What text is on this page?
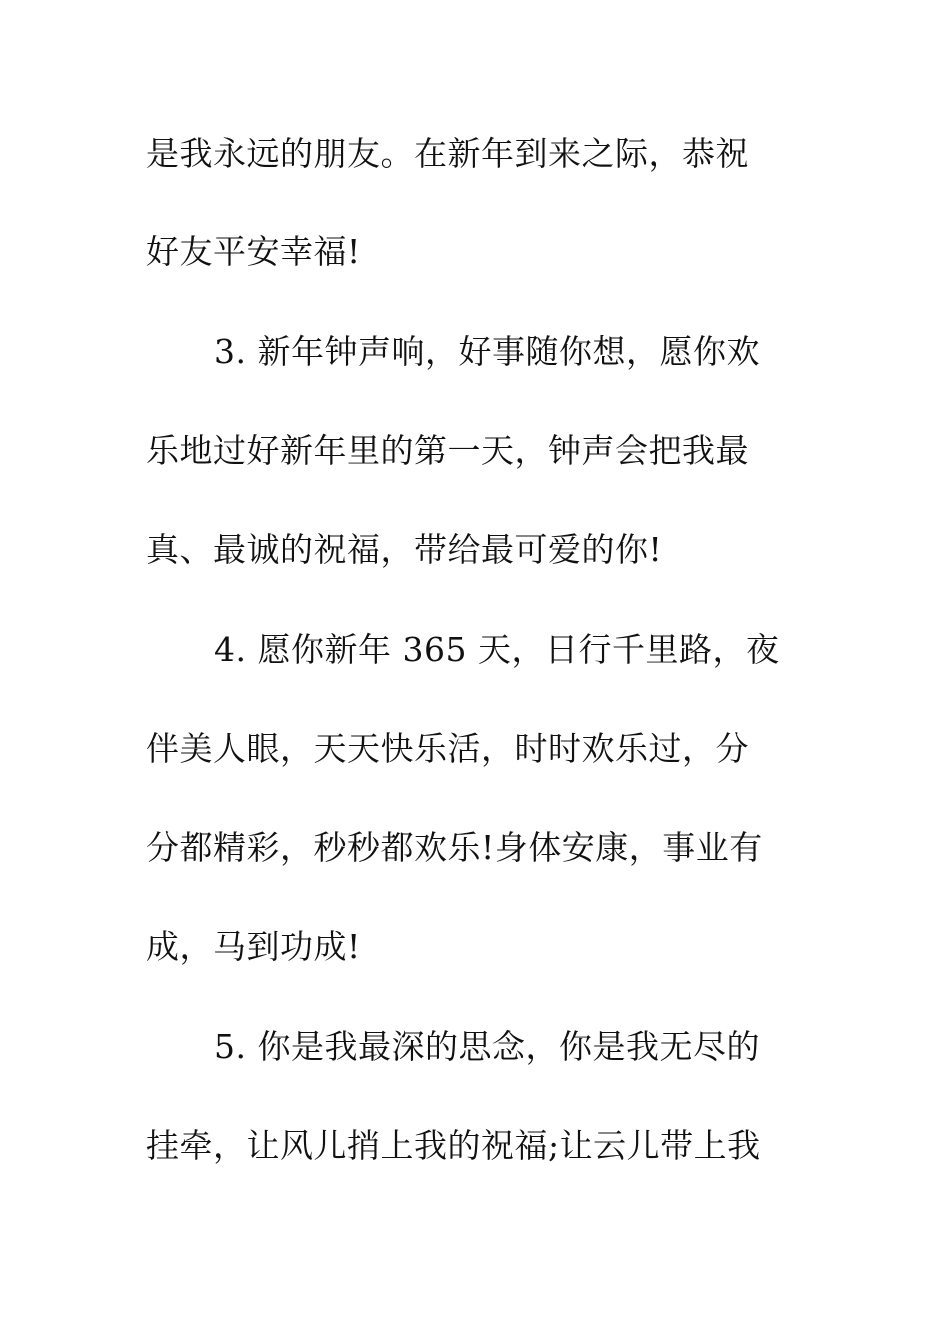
是我永远的朋友。在新年到来之际，恭祝
好友平安幸福!
3. 新年钟声响，好事随你想，愿你欢
乐地过好新年里的第一天，钟声会把我最
真、最诚的祝福，带给最可爱的你!
4. 愿你新年 365 天，日行千里路，夜
伴美人眼，天天快乐活，时时欢乐过，分
分都精彩，秒秒都欢乐!身体安康，事业有
成，马到功成!
5. 你是我最深的思念，你是我无尽的
挂牵，让风儿捎上我的祝福;让云儿带上我
